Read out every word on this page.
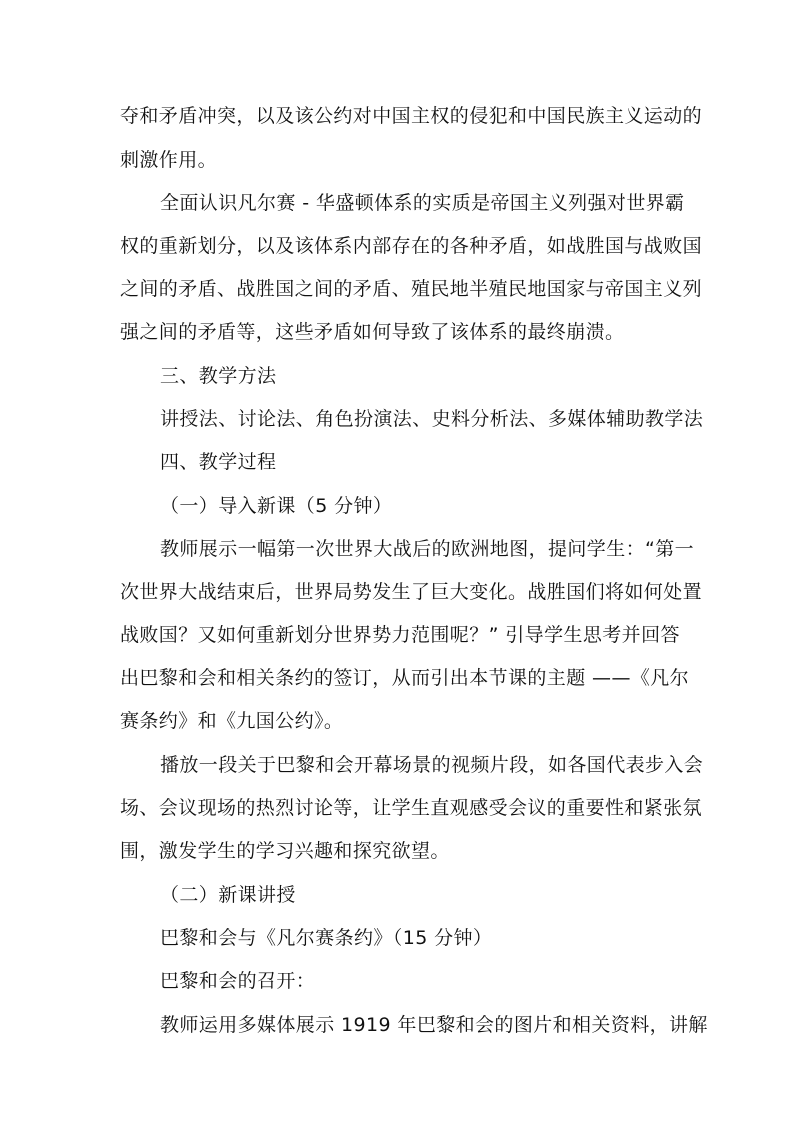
夺和矛盾冲突，以及该公约对中国主权的侵犯和中国民族主义运动的
刺激作用。
全面认识凡尔赛 - 华盛顿体系的实质是帝国主义列强对世界霸
权的重新划分，以及该体系内部存在的各种矛盾，如战胜国与战败国
之间的矛盾、战胜国之间的矛盾、殖民地半殖民地国家与帝国主义列
强之间的矛盾等，这些矛盾如何导致了该体系的最终崩溃。
三、教学方法
讲授法、讨论法、角色扮演法、史料分析法、多媒体辅助教学法
四、教学过程
（一）导入新课（5 分钟）
教师展示一幅第一次世界大战后的欧洲地图，提问学生：“第一
次世界大战结束后，世界局势发生了巨大变化。战胜国们将如何处置
战败国？又如何重新划分世界势力范围呢？” 引导学生思考并回答
出巴黎和会和相关条约的签订，从而引出本节课的主题 ——《凡尔
赛条约》和《九国公约》。
播放一段关于巴黎和会开幕场景的视频片段，如各国代表步入会
场、会议现场的热烈讨论等，让学生直观感受会议的重要性和紧张氛
围，激发学生的学习兴趣和探究欲望。
（二）新课讲授
巴黎和会与《凡尔赛条约》（15 分钟）
巴黎和会的召开：
教师运用多媒体展示 1919 年巴黎和会的图片和相关资料，讲解
